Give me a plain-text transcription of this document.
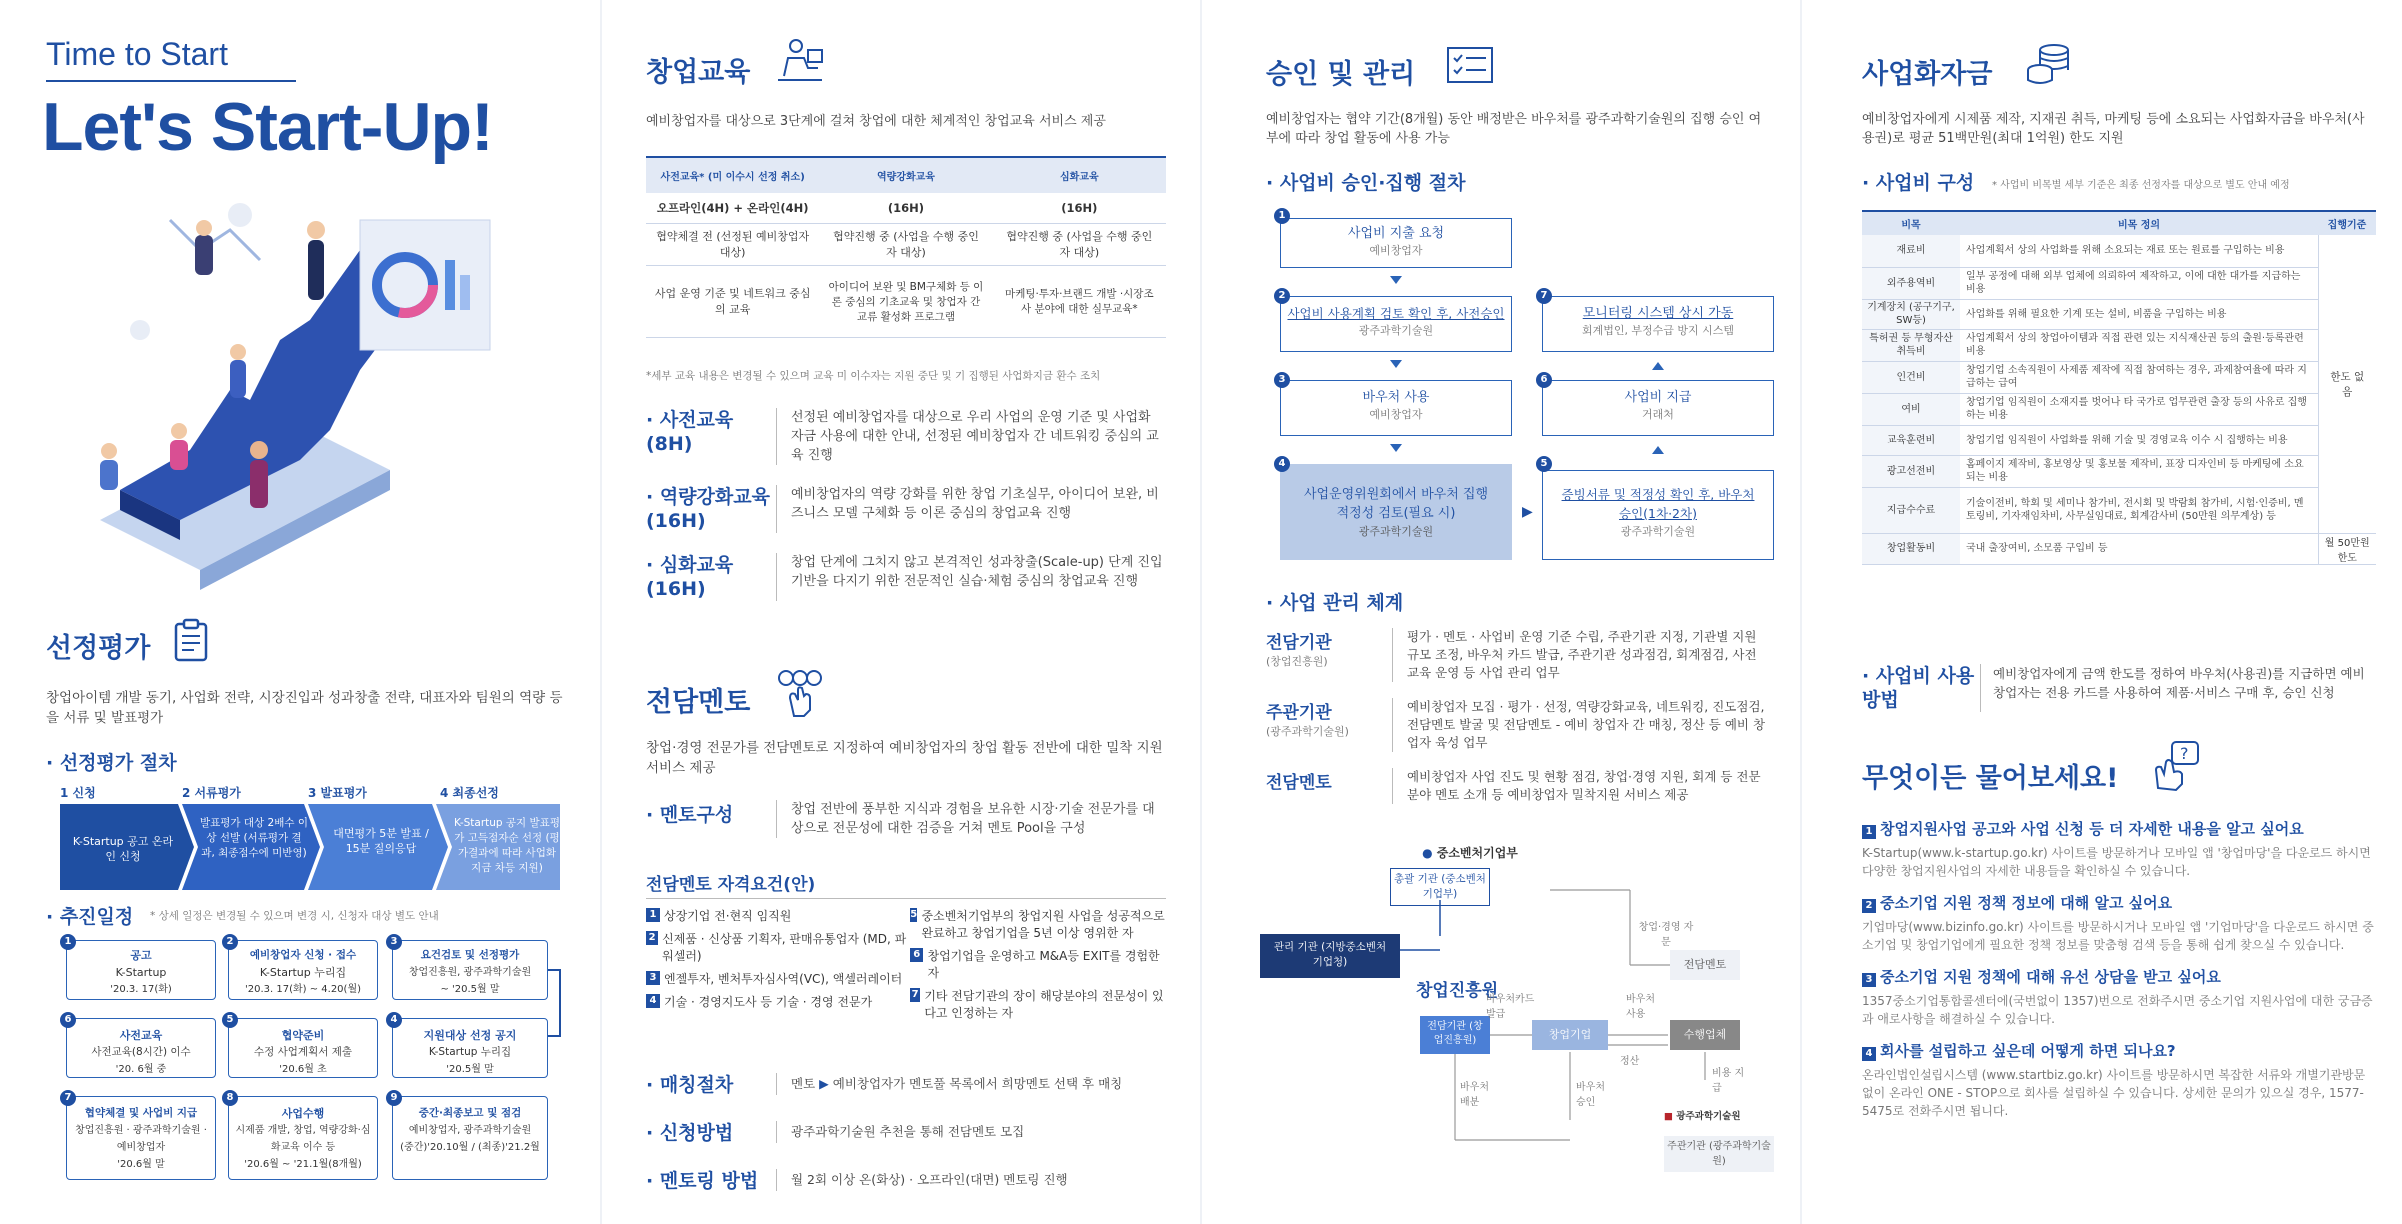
Time to Start
Let's Start-Up!
선정평가
창업아이템 개발 동기, 사업화 전략, 시장진입과 성과창출 전략, 대표자와 팀원의 역량 등을 서류 및 발표평가
· 선정평가 절차
1 신청	2 서류평가	3 발표평가	4 최종선정
K-Startup 공고 온라인 신청
발표평가 대상 2배수 이상 선발 (서류평가 결과, 최종점수에 미반영)
대면평가 5분 발표 / 15분 질의응답
K-Startup 공지 발표평가 고득점자순 선정 (평가결과에 따라 사업화지금 차등 지원)
· 추진일정 * 상세 일정은 변경될 수 있으며 변경 시, 신청자 대상 별도 안내
공고
K-Startup
'20.3. 17(화)
예비창업자 신청 · 접수
K-Startup 누리집
'20.3. 17(화) ~ 4.20(월)
요건검토 및 선정평가
창업진흥원, 광주과학기술원
~ '20.5월 말
사전교육
사전교육(8시간) 이수
'20. 6월 중
협약준비
수정 사업계획서 제출
'20.6월 초
지원대상 선정 공지
K-Startup 누리집
'20.5월 말
협약체결 및 사업비 지급
창업진흥원 · 광주과학기술원 · 예비창업자
'20.6월 말
사업수행
시제품 개발, 창업, 역량강화·심화교육 이수 등
'20.6월 ~ '21.1월(8개월)
중간·최종보고 및 점검
예비창업자, 광주과학기술원
(중간)'20.10월 / (최종)'21.2월
1	2	3
6	5	4
7	8	9
창업교육
예비창업자를 대상으로 3단계에 걸쳐 창업에 대한 체계적인 창업교육 서비스 제공
사전교육* (미 이수시 선정 취소)	역량강화교육	심화교육
오프라인(4H) + 온라인(4H)	(16H)	(16H)
협약체결 전 (선정된 예비창업자 대상)	협약진행 중 (사업을 수행 중인 자 대상)	협약진행 중 (사업을 수행 중인 자 대상)
사업 운영 기준 및 네트워크 중심의 교육	아이디어 보완 및 BM구체화 등 이론 중심의 기초교육 및 창업자 간 교류 활성화 프로그램	마케팅·투자·브랜드 개발 ·시장조사 분야에 대한 실무교육*
*세부 교육 내용은 변경될 수 있으며 교육 미 이수자는 지원 중단 및 기 집행된 사업화지금 환수 조치
· 사전교육 (8H)
선정된 예비창업자를 대상으로 우리 사업의 운영 기준 및 사업화 자금 사용에 대한 안내, 선정된 예비창업자 간 네트워킹 중심의 교육 진행
· 역량강화교육 (16H)
예비창업자의 역량 강화를 위한 창업 기초실무, 아이디어 보완, 비즈니스 모델 구체화 등 이론 중심의 창업교육 진행
· 심화교육 (16H)
창업 단계에 그치지 않고 본격적인 성과창출(Scale-up) 단계 진입 기반을 다지기 위한 전문적인 실습·체험 중심의 창업교육 진행
전담멘토
창업·경영 전문가를 전담멘토로 지정하여 예비창업자의 창업 활동 전반에 대한 밀착 지원 서비스 제공
· 멘토구성	창업 전반에 풍부한 지식과 경험을 보유한 시장·기술 전문가를 대상으로 전문성에 대한 검증을 거쳐 멘토 Pool을 구성
전담멘토 자격요건(안)
1 상장기업 전·현직 임직원
2 신제품 · 신상품 기획자, 판매유통업자 (MD, 파워셀러)
3 엔젤투자, 벤처투자심사역(VC), 액셀러레이터
4 기술 · 경영지도사 등 기술 · 경영 전문가
5 중소벤처기업부의 창업지원 사업을 성공적으로 완료하고 창업기업을 5년 이상 영위한 자
6 창업기업을 운영하고 M&A등 EXIT를 경험한 자
7 기타 전담기관의 장이 해당분야의 전문성이 있다고 인정하는 자
· 매칭절차	멘토 ▶ 예비창업자가 멘토풀 목록에서 희망멘토 선택 후 매칭
· 신청방법	광주과학기술원 추천을 통해 전담멘토 모집
· 멘토링 방법	월 2회 이상 온(화상) · 오프라인(대면) 멘토링 진행
승인 및 관리
예비창업자는 협약 기간(8개월) 동안 배정받은 바우처를 광주과학기술원의 집행 승인 여부에 따라 창업 활동에 사용 가능
· 사업비 승인·집행 절차
사업비 지출 요청
예비창업자
사업비 사용계획 검토 확인 후, 사전승인
광주과학기술원
바우처 사용
예비창업자
사업운영위원회에서 바우처 집행 적정성 검토(필요 시)
광주과학기술원
▶
모니터링 시스템 상시 가동
회계법인, 부정수급 방지 시스템
사업비 지급
거래처
증빙서류 및 적정성 확인 후, 바우처 승인(1차·2차)
광주과학기술원
1
2
3
4	5
6
7
· 사업 관리 체계
전담기관
(창업진흥원)
평가 · 멘토 · 사업비 운영 기준 수립, 주관기관 지정, 기관별 지원 규모 조정, 바우처 카드 발급, 주관기관 성과점검, 회계점검, 사전 교육 운영 등 사업 관리 업무
주관기관
(광주과학기술원)
예비창업자 모집 · 평가 · 선정, 역량강화교육, 네트워킹, 진도점검, 전담멘토 발굴 및 전담멘토 - 예비 창업자 간 매칭, 정산 등 예비 창업자 육성 업무
전담멘토	예비창업자 사업 진도 및 현황 점검, 창업·경영 지원, 회계 등 전문분야 멘토 소개 등 예비창업자 밀착지원 서비스 제공
● 중소벤처기업부
총괄 기관 (중소벤처기업부)
관리 기관 (지방중소벤처기업청)
창업진흥원
전담기관 (창업진흥원)	창업기업
전담멘토
수행업체
■ 광주과학기술원
주관기관 (광주과학기술원)
창업·경영 자문
바우처카드 발급
바우처 사용
정산
비용 지급
바우처 배분
바우처 승인
사업화자금
예비창업자에게 시제품 제작, 지재권 취득, 마케팅 등에 소요되는 사업화자금을 바우처(사용권)로 평균 51백만원(최대 1억원) 한도 지원
· 사업비 구성 * 사업비 비목별 세부 기준은 최종 선정자를 대상으로 별도 안내 예정
비목	비목 정의	집행기준
재료비	사업계획서 상의 사업화를 위해 소요되는 재료 또는 원료를 구입하는 비용	한도 없음
외주용역비	일부 공정에 대해 외부 업체에 의뢰하여 제작하고, 이에 대한 대가를 지급하는 비용	
기계장치 (공구기구, SW등)	사업화를 위해 필요한 기계 또는 설비, 비품을 구입하는 비용	
특허권 등 무형자산 취득비	사업계획서 상의 창업아이템과 직접 관련 있는 지식재산권 등의 출원·등록관련 비용	
인건비	창업기업 소속직원이 사제품 제작에 직접 참여하는 경우, 과제참여율에 따라 지급하는 급여	
여비	창업기업 임직원이 소재지를 벗어나 타 국가로 업무관련 출장 등의 사유로 집행하는 비용	
교육훈련비	창업기업 임직원이 사업화를 위해 기술 및 경영교육 이수 시 집행하는 비용	
광고선전비	홈페이지 제작비, 홍보영상 및 홍보물 제작비, 표장 디자인비 등 마케팅에 소요되는 비용	
지급수수료	기술이전비, 학회 및 세미나 참가비, 전시회 및 박람회 참가비, 시험·인증비, 멘토링비, 기자재임차비, 사무실임대료, 회계감사비 (50만원 의무계상) 등	
창업활동비	국내 출장여비, 소모품 구입비 등	월 50만원 한도
· 사업비 사용방법
예비창업자에게 금액 한도를 정하여 바우처(사용권)를 지급하면 예비창업자는 전용 카드를 사용하여 제품·서비스 구매 후, 승인 신청
무엇이든 물어보세요!
?
1 창업지원사업 공고와 사업 신청 등 더 자세한 내용을 알고 싶어요
K-Startup(www.k-startup.go.kr) 사이트를 방문하거나 모바일 앱 '창업마당'을 다운로드 하시면 다양한 창업지원사업의 자세한 내용들을 확인하실 수 있습니다.
2 중소기업 지원 정책 정보에 대해 알고 싶어요
기업마당(www.bizinfo.go.kr) 사이트를 방문하시거나 모바일 앱 '기업마당'을 다운로드 하시면 중소기업 및 창업기업에게 필요한 정책 정보를 맞춤형 검색 등을 통해 쉽게 찾으실 수 있습니다.
3 중소기업 지원 정책에 대해 유선 상담을 받고 싶어요
1357중소기업통합콜센터에(국번없이 1357)번으로 전화주시면 중소기업 지원사업에 대한 궁금증과 애로사항을 해결하실 수 있습니다.
4 회사를 설립하고 싶은데 어떻게 하면 되나요?
온라인법인설립시스템 (www.startbiz.go.kr) 사이트를 방문하시면 복잡한 서류와 개별기관방문 없이 온라인 ONE - STOP으로 회사를 설립하실 수 있습니다. 상세한 문의가 있으실 경우, 1577-5475로 전화주시면 됩니다.
